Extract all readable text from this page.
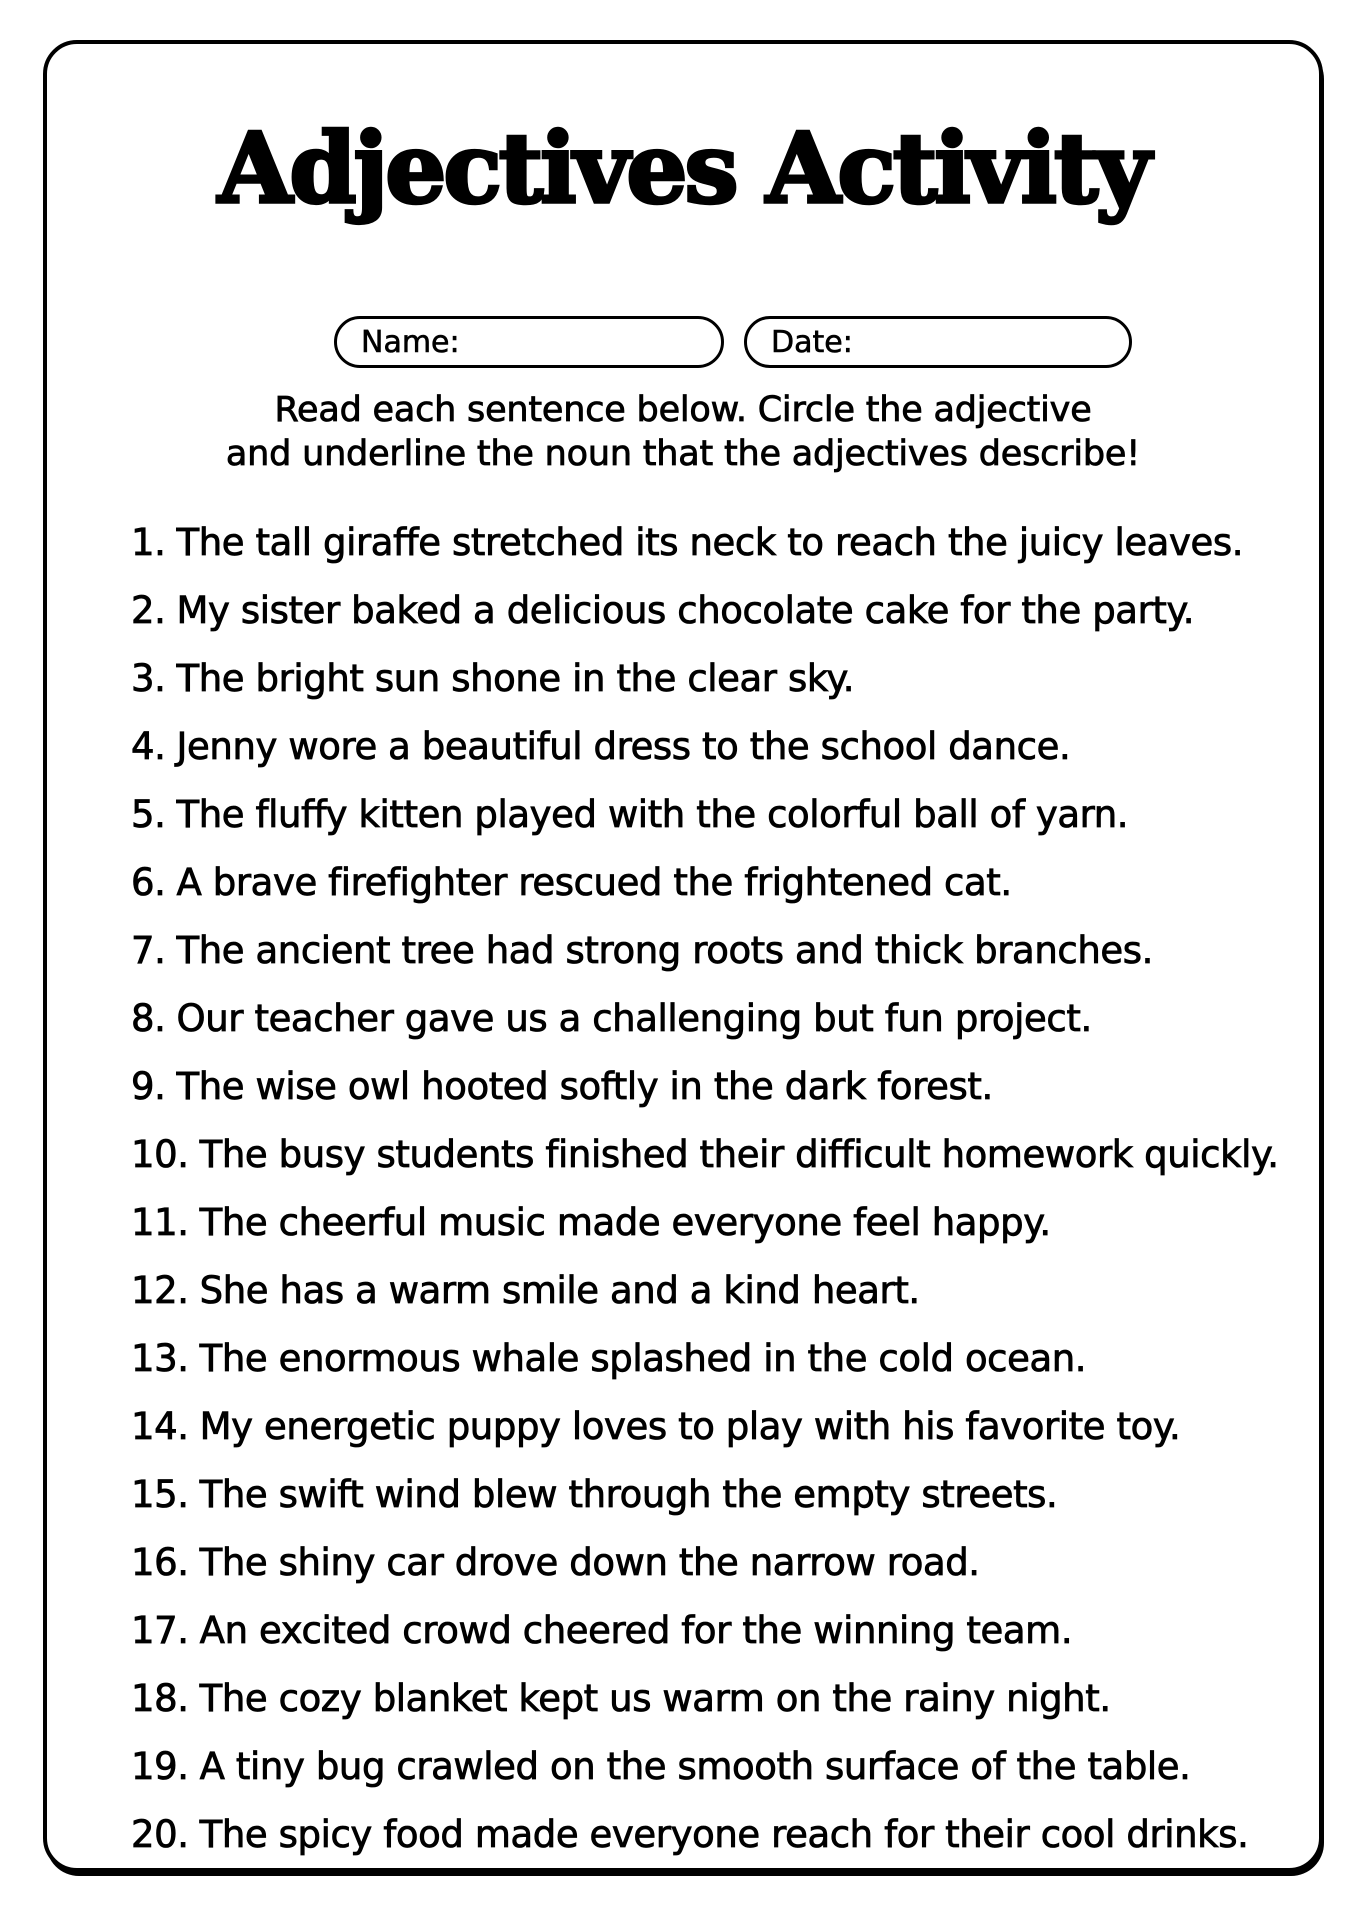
Adjectives Activity
Name:	Date:
Read each sentence below. Circle the adjective
and underline the noun that the adjectives describe!
1. The tall giraffe stretched its neck to reach the juicy leaves.
2. My sister baked a delicious chocolate cake for the party.
3. The bright sun shone in the clear sky.
4. Jenny wore a beautiful dress to the school dance.
5. The fluffy kitten played with the colorful ball of yarn.
6. A brave firefighter rescued the frightened cat.
7. The ancient tree had strong roots and thick branches.
8. Our teacher gave us a challenging but fun project.
9. The wise owl hooted softly in the dark forest.
10. The busy students finished their difficult homework quickly.
11. The cheerful music made everyone feel happy.
12. She has a warm smile and a kind heart.
13. The enormous whale splashed in the cold ocean.
14. My energetic puppy loves to play with his favorite toy.
15. The swift wind blew through the empty streets.
16. The shiny car drove down the narrow road.
17. An excited crowd cheered for the winning team.
18. The cozy blanket kept us warm on the rainy night.
19. A tiny bug crawled on the smooth surface of the table.
20. The spicy food made everyone reach for their cool drinks.
